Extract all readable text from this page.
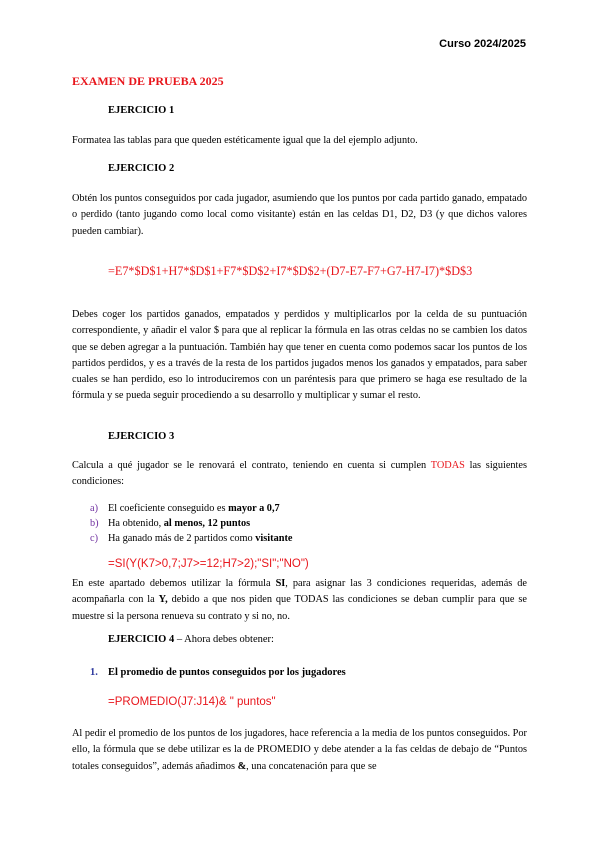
Curso 2024/2025
EXAMEN DE PRUEBA 2025
EJERCICIO 1
Formatea las tablas para que queden estéticamente igual que la del ejemplo adjunto.
EJERCICIO 2
Obtén los puntos conseguidos por cada jugador, asumiendo que los puntos por cada partido ganado, empatado o perdido (tanto jugando como local como visitante) están en las celdas D1, D2, D3 (y que dichos valores pueden cambiar).
=E7*$D$1+H7*$D$1+F7*$D$2+I7*$D$2+(D7-E7-F7+G7-H7-I7)*$D$3
Debes coger los partidos ganados, empatados y perdidos y multiplicarlos por la celda de su puntuación correspondiente, y añadir el valor $ para que al replicar la fórmula en las otras celdas no se cambien los datos que se deben agregar a la puntuación. También hay que tener en cuenta como podemos sacar los puntos de los partidos perdidos, y es a través de la resta de los partidos jugados menos los ganados y empatados, para saber cuales se han perdido, eso lo introduciremos con un paréntesis para que primero se haga ese resultado de la fórmula y se pueda seguir procediendo a su desarrollo y multiplicar y sumar el resto.
EJERCICIO 3
Calcula a qué jugador se le renovará el contrato, teniendo en cuenta si cumplen TODAS las siguientes condiciones:
a) El coeficiente conseguido es mayor a 0,7
b) Ha obtenido, al menos, 12 puntos
c) Ha ganado más de 2 partidos como visitante
=SI(Y(K7>0,7;J7>=12;H7>2);"SI";"NO")
En este apartado debemos utilizar la fórmula SI, para asignar las 3 condiciones requeridas, además de acompañarla con la Y, debido a que nos piden que TODAS las condiciones se deban cumplir para que se muestre si la persona renueva su contrato y si no, no.
EJERCICIO 4 – Ahora debes obtener:
1. El promedio de puntos conseguidos por los jugadores
=PROMEDIO(J7:J14)& " puntos"
Al pedir el promedio de los puntos de los jugadores, hace referencia a la media de los puntos conseguidos. Por ello, la fórmula que se debe utilizar es la de PROMEDIO y debe atender a la fas celdas de debajo de “Puntos totales conseguidos”, además añadimos &, una concatenación para que se
